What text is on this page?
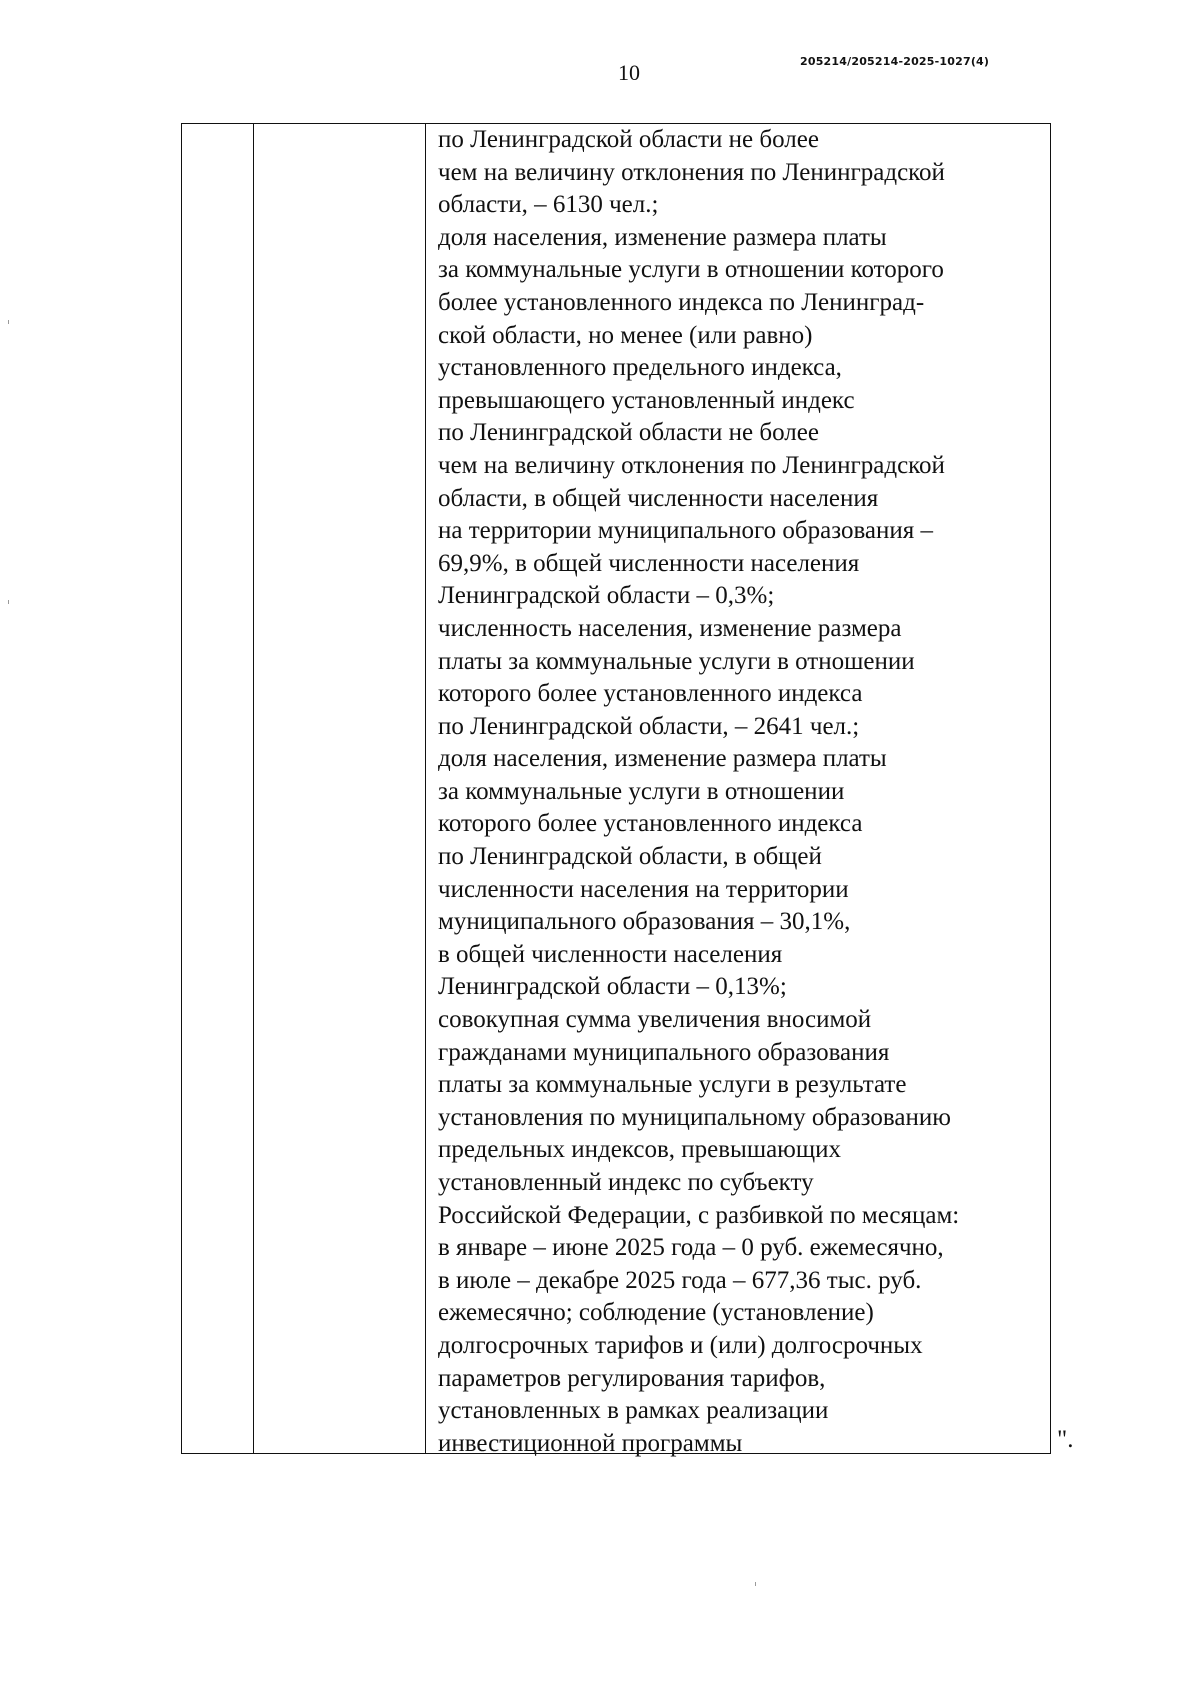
10	205214/205214-2025-1027(4)
по Ленинградской области не более
чем на величину отклонения по Ленинградской
области, – 6130 чел.;
доля населения, изменение размера платы
за коммунальные услуги в отношении которого
более установленного индекса по Ленинград-
ской области, но менее (или равно)
установленного предельного индекса,
превышающего установленный индекс
по Ленинградской области не более
чем на величину отклонения по Ленинградской
области, в общей численности населения
на территории муниципального образования –
69,9%, в общей численности населения
Ленинградской области – 0,3%;
численность населения, изменение размера
платы за коммунальные услуги в отношении
которого более установленного индекса
по Ленинградской области, – 2641 чел.;
доля населения, изменение размера платы
за коммунальные услуги в отношении
которого более установленного индекса
по Ленинградской области, в общей
численности населения на территории
муниципального образования – 30,1%,
в общей численности населения
Ленинградской области – 0,13%;
совокупная сумма увеличения вносимой
гражданами муниципального образования
платы за коммунальные услуги в результате
установления по муниципальному образованию
предельных индексов, превышающих
установленный индекс по субъекту
Российской Федерации, с разбивкой по месяцам:
в январе – июне 2025 года – 0 руб. ежемесячно,
в июле – декабре 2025 года – 677,36 тыс. руб.
ежемесячно; соблюдение (установление)
долгосрочных тарифов и (или) долгосрочных
параметров регулирования тарифов,
установленных в рамках реализации
инвестиционной программы	".
